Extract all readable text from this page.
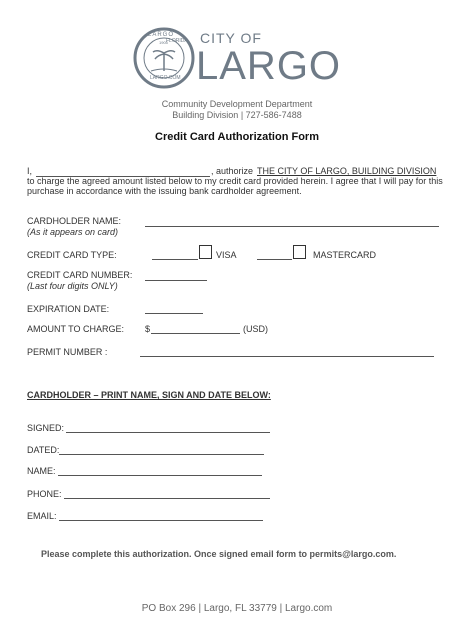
LARGO
FLORIDA
1905
LARGO.COM
CITY OF
LARGO
Community Development Department
Building Division | 727-586-7488
Credit Card Authorization Form
I,	, authorize THE CITY OF LARGO, BUILDING DIVISION
to charge the agreed amount listed below to my credit card provided herein. I agree that I will pay for this
purchase in accordance with the issuing bank cardholder agreement.
CARDHOLDER NAME:
(As it appears on card)
CREDIT CARD TYPE:	VISA	MASTERCARD
CREDIT CARD NUMBER:
(Last four digits ONLY)
EXPIRATION DATE:
AMOUNT TO CHARGE: $	(USD)
PERMIT NUMBER :
CARDHOLDER – PRINT NAME, SIGN AND DATE BELOW:
SIGNED:
DATED:
NAME:
PHONE:
EMAIL:
Please complete this authorization. Once signed email form to permits@largo.com.
PO Box 296 | Largo, FL 33779 | Largo.com
